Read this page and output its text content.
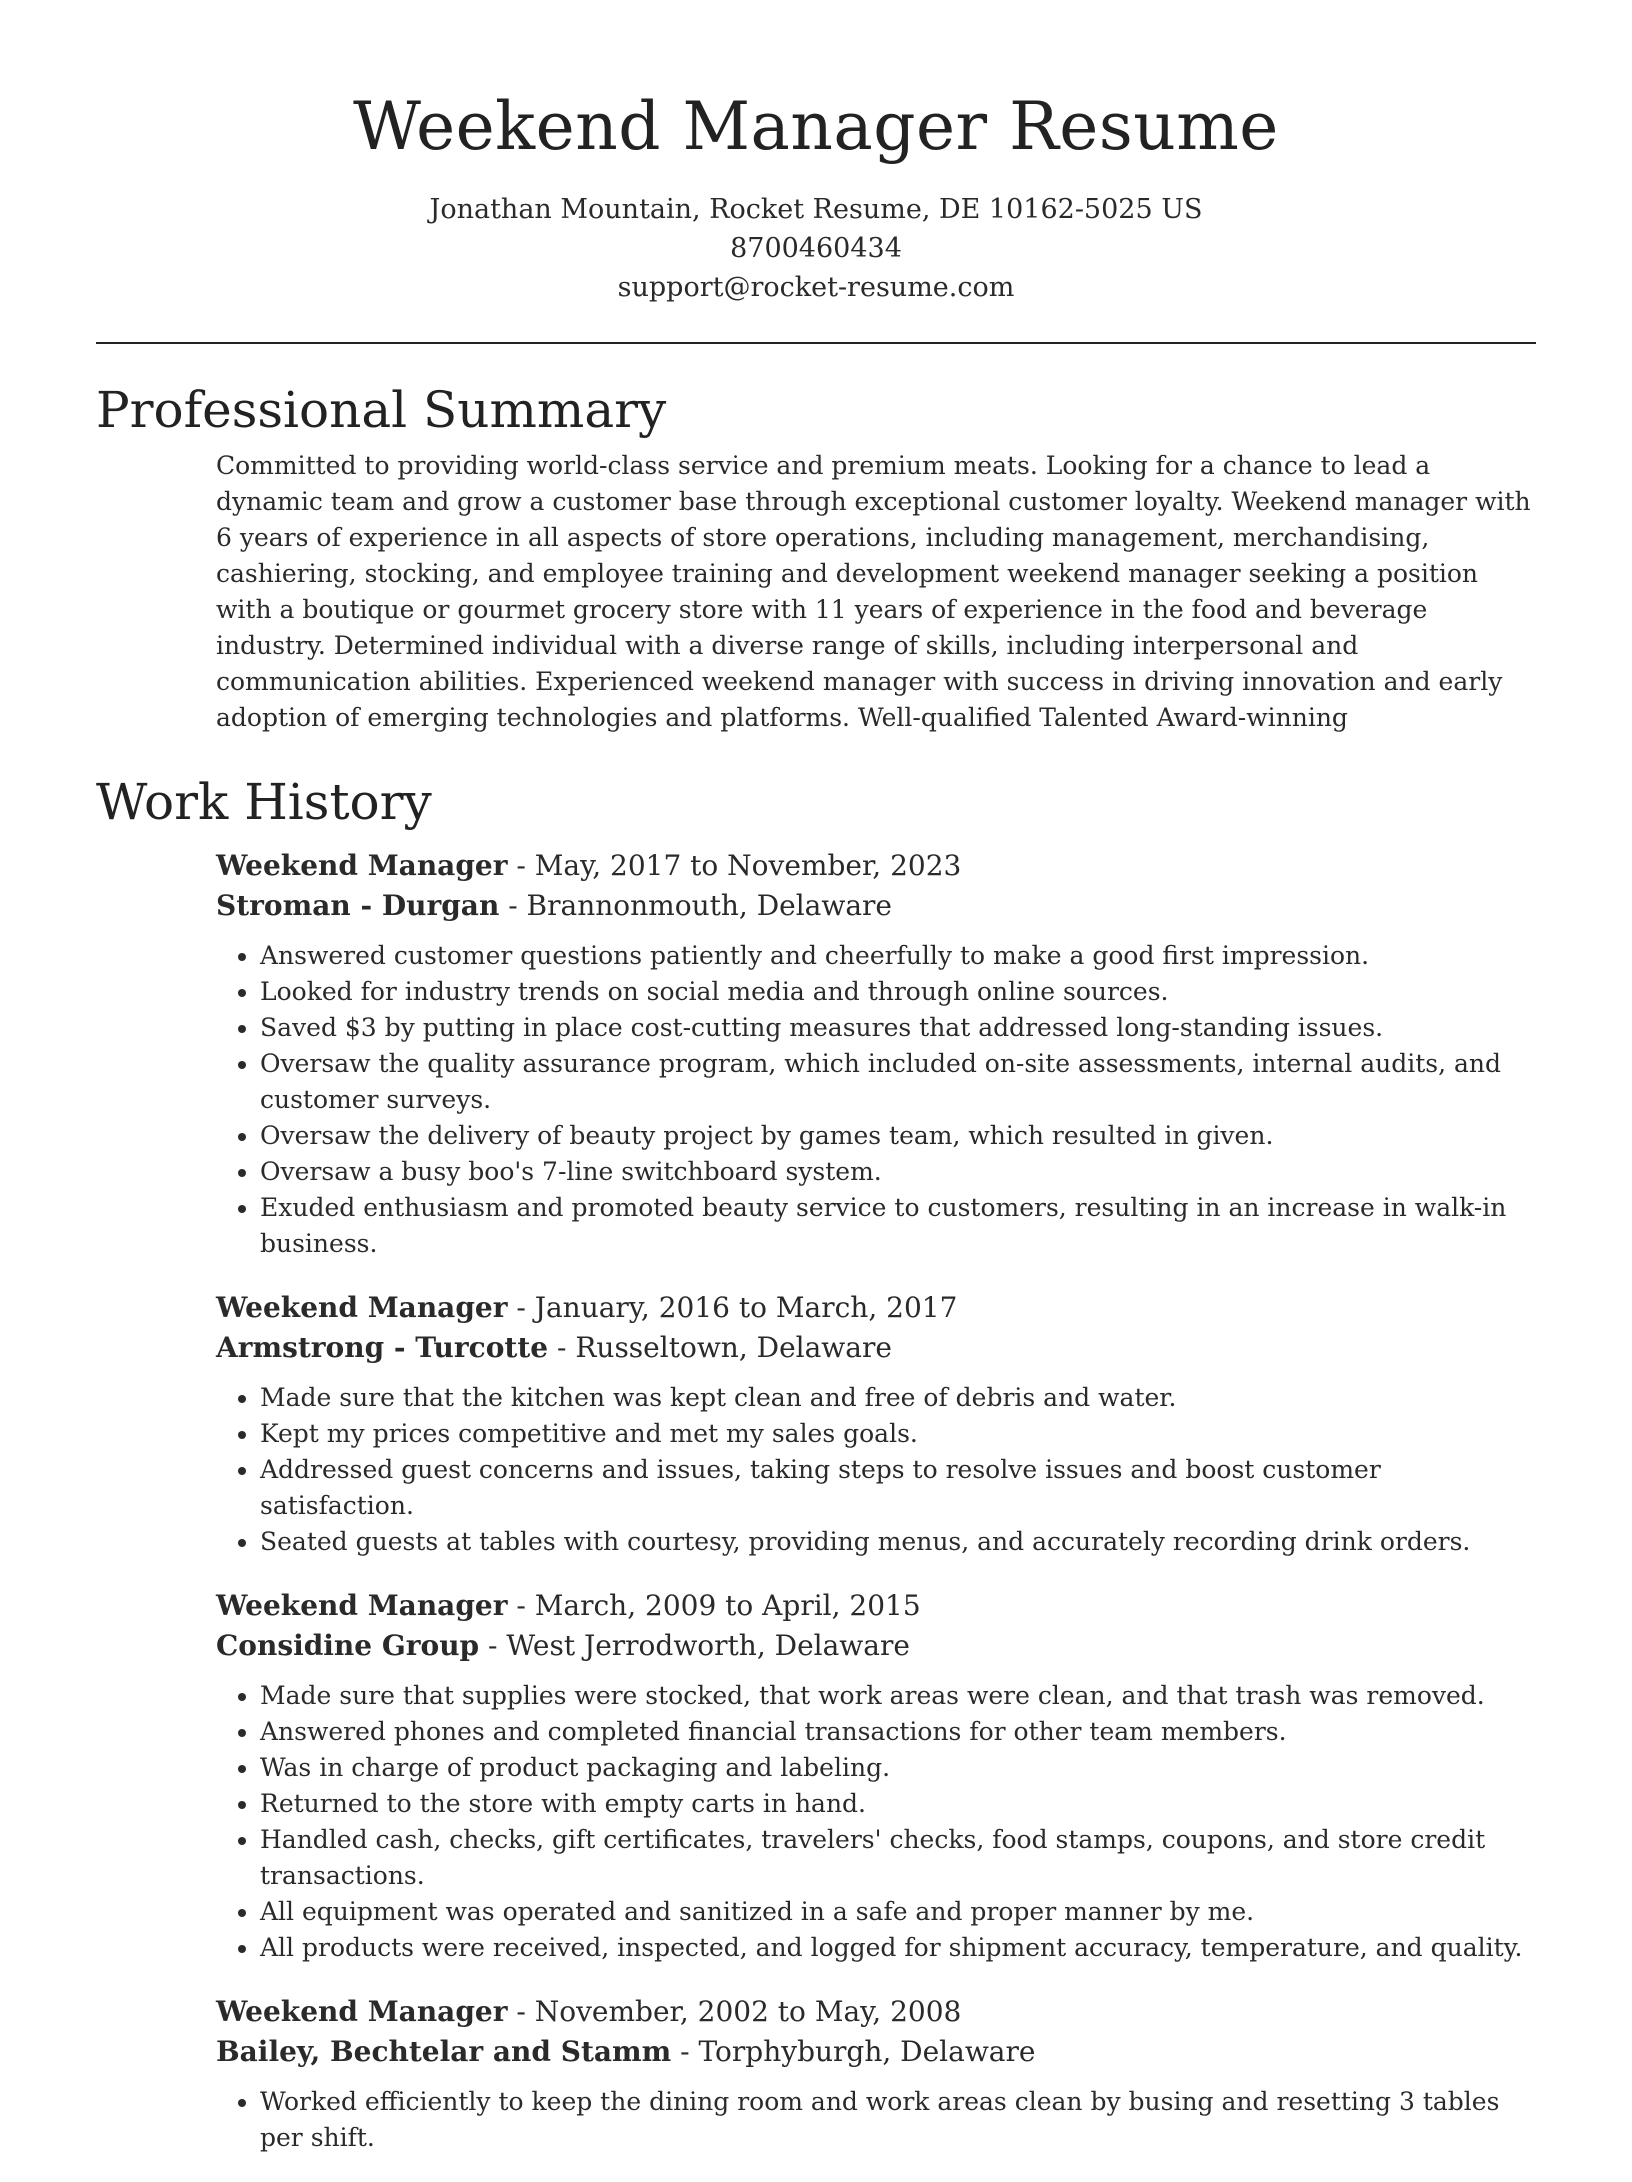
Weekend Manager Resume
Jonathan Mountain, Rocket Resume, DE 10162-5025 US
8700460434
support@rocket-resume.com
Professional Summary
Committed to providing world-class service and premium meats. Looking for a chance to lead a dynamic team and grow a customer base through exceptional customer loyalty. Weekend manager with 6 years of experience in all aspects of store operations, including management, merchandising, cashiering, stocking, and employee training and development weekend manager seeking a position with a boutique or gourmet grocery store with 11 years of experience in the food and beverage industry. Determined individual with a diverse range of skills, including interpersonal and communication abilities. Experienced weekend manager with success in driving innovation and early adoption of emerging technologies and platforms. Well-qualified Talented Award-winning
Work History
Weekend Manager - May, 2017 to November, 2023
Stroman - Durgan - Brannonmouth, Delaware
• Answered customer questions patiently and cheerfully to make a good first impression.
• Looked for industry trends on social media and through online sources.
• Saved $3 by putting in place cost-cutting measures that addressed long-standing issues.
• Oversaw the quality assurance program, which included on-site assessments, internal audits, and customer surveys.
• Oversaw the delivery of beauty project by games team, which resulted in given.
• Oversaw a busy boo's 7-line switchboard system.
• Exuded enthusiasm and promoted beauty service to customers, resulting in an increase in walk-in business.
Weekend Manager - January, 2016 to March, 2017
Armstrong - Turcotte - Russeltown, Delaware
• Made sure that the kitchen was kept clean and free of debris and water.
• Kept my prices competitive and met my sales goals.
• Addressed guest concerns and issues, taking steps to resolve issues and boost customer satisfaction.
• Seated guests at tables with courtesy, providing menus, and accurately recording drink orders.
Weekend Manager - March, 2009 to April, 2015
Considine Group - West Jerrodworth, Delaware
• Made sure that supplies were stocked, that work areas were clean, and that trash was removed.
• Answered phones and completed financial transactions for other team members.
• Was in charge of product packaging and labeling.
• Returned to the store with empty carts in hand.
• Handled cash, checks, gift certificates, travelers' checks, food stamps, coupons, and store credit transactions.
• All equipment was operated and sanitized in a safe and proper manner by me.
• All products were received, inspected, and logged for shipment accuracy, temperature, and quality.
Weekend Manager - November, 2002 to May, 2008
Bailey, Bechtelar and Stamm - Torphyburgh, Delaware
• Worked efficiently to keep the dining room and work areas clean by busing and resetting 3 tables per shift.
